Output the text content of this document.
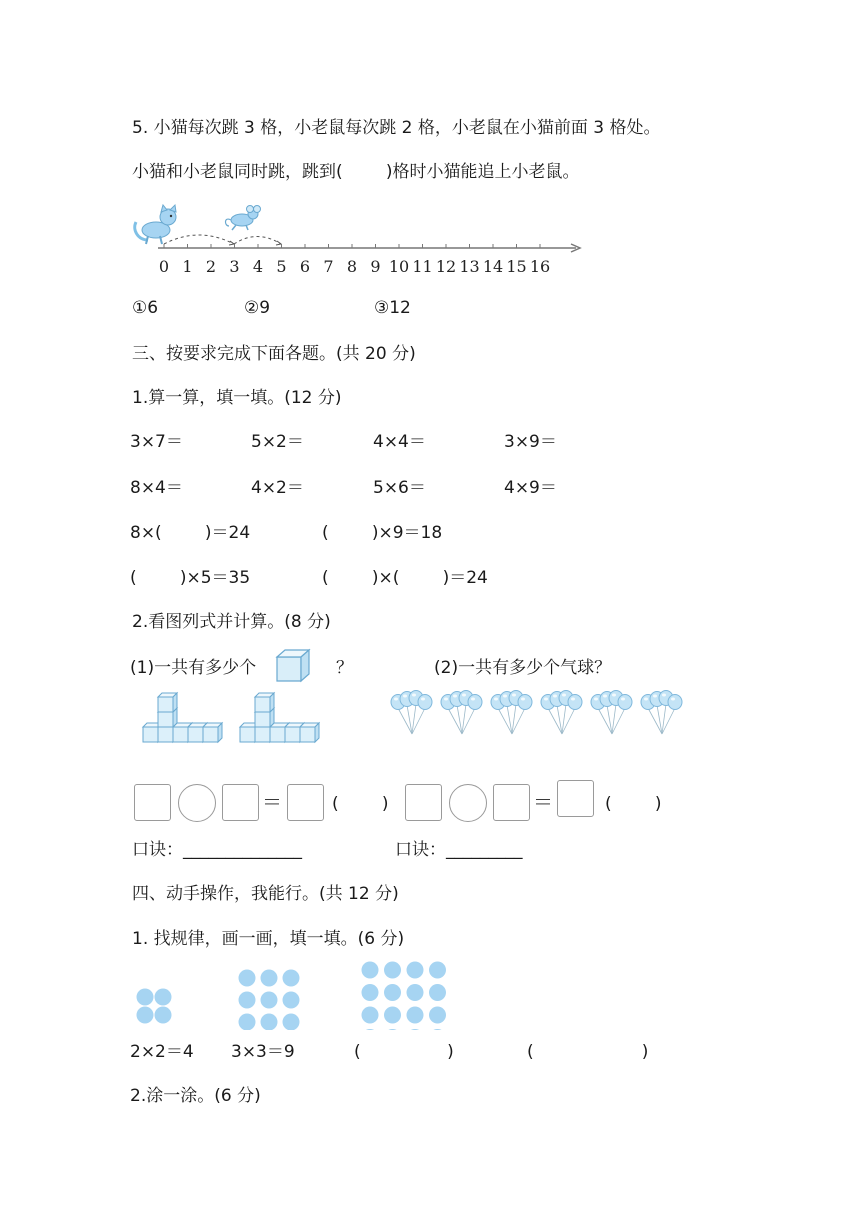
5. 小猫每次跳 3 格，小老鼠每次跳 2 格，小老鼠在小猫前面 3 格处。
小猫和小老鼠同时跳，跳到(        )格时小猫能追上小老鼠。
0 1 2 3 4 5 6 7 8 9 10 11 12 13 14 15 16
①6	②9	③12
三、按要求完成下面各题。(共 20 分)
1.算一算，填一填。(12 分)
3×7＝	5×2＝	4×4＝	3×9＝
8×4＝	4×2＝	5×6＝	4×9＝
8×(        )＝24	(        )×9＝18
(        )×5＝35	(        )×(        )＝24
2.看图列式并计算。(8 分)
(1)一共有多少个	？	(2)一共有多少个气球？
＝	(        )	＝	(        )
口诀：______________	口诀：_________
四、动手操作，我能行。(共 12 分)
1. 找规律，画一画，填一填。(6 分)
2×2＝4 3×3＝9	(                )	(                    )
2.涂一涂。(6 分)
